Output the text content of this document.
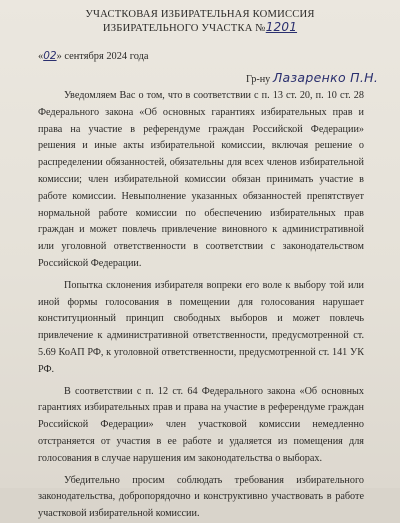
УЧАСТКОВАЯ ИЗБИРАТЕЛЬНАЯ КОМИССИЯ
ИЗБИРАТЕЛЬНОГО УЧАСТКА №1201
«02» сентября 2024 года
Гр-ну Лазаренко П.Н.

Уведомляем Вас о том, что в соответствии с п. 13 ст. 20, п. 10 ст. 28 Федерального закона «Об основных гарантиях избирательных прав и права на участие в референдуме граждан Российской Федерации» решения и иные акты избирательной комиссии, включая решение о распределении обязанностей, обязательны для всех членов избирательной комиссии; член избирательной комиссии обязан принимать участие в работе комиссии. Невыполнение указанных обязанностей препятствует нормальной работе комиссии по обеспечению избирательных прав граждан и может повлечь привлечение виновного к административной или уголовной ответственности в соответствии с законодательством Российской Федерации.

Попытка склонения избирателя вопреки его воле к выбору той или иной формы голосования в помещении для голосования нарушает конституционный принцип свободных выборов и может повлечь привлечение к административной ответственности, предусмотренной ст. 5.69 КоАП РФ, к уголовной ответственности, предусмотренной ст. 141 УК РФ.

В соответствии с п. 12 ст. 64 Федерального закона «Об основных гарантиях избирательных прав и права на участие в референдуме граждан Российской Федерации» член участковой комиссии немедленно отстраняется от участия в ее работе и удаляется из помещения для голосования в случае нарушения им законодательства о выборах.

Убедительно просим соблюдать требования избирательного законодательства, добропорядочно и конструктивно участвовать в работе участковой избирательной комиссии.
